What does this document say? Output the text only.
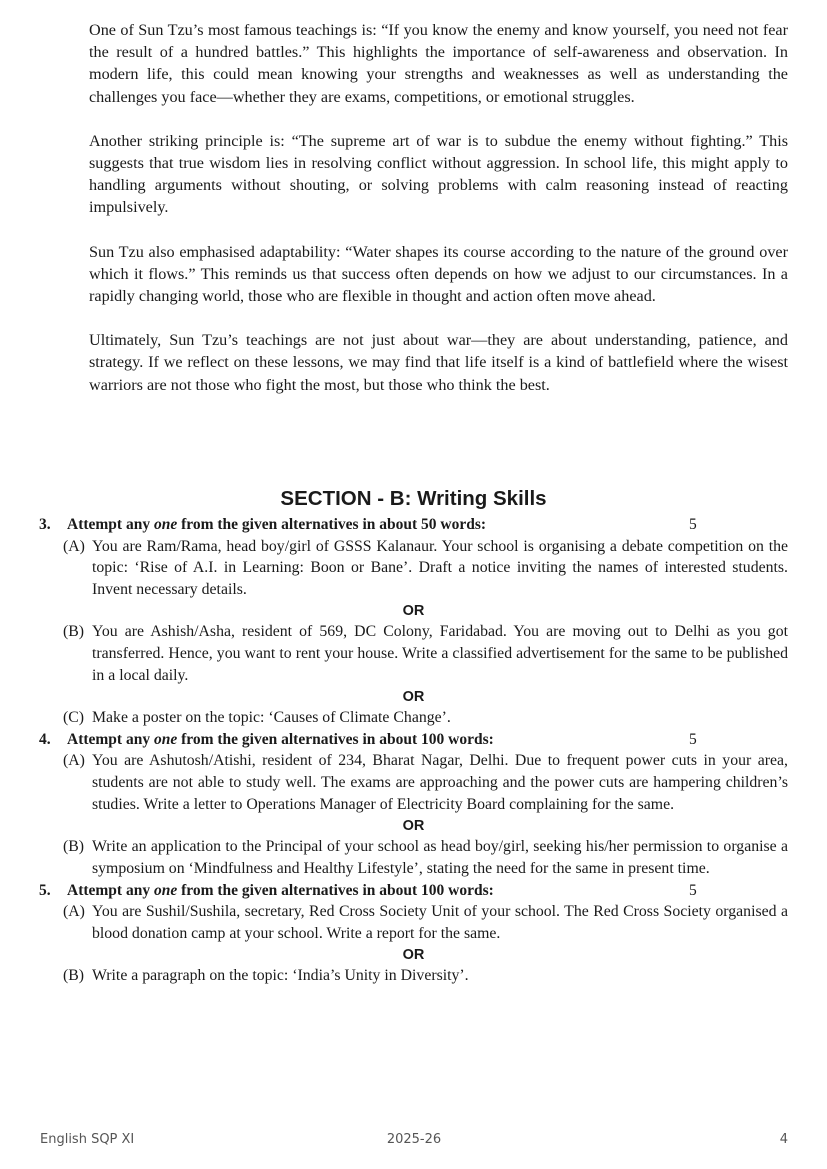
One of Sun Tzu’s most famous teachings is: “If you know the enemy and know yourself, you need not fear the result of a hundred battles.” This highlights the importance of self-awareness and observation. In modern life, this could mean knowing your strengths and weaknesses as well as understanding the challenges you face—whether they are exams, competitions, or emotional struggles.

Another striking principle is: “The supreme art of war is to subdue the enemy without fighting.” This suggests that true wisdom lies in resolving conflict without aggression. In school life, this might apply to handling arguments without shouting, or solving problems with calm reasoning instead of reacting impulsively.

Sun Tzu also emphasised adaptability: “Water shapes its course according to the nature of the ground over which it flows.” This reminds us that success often depends on how we adjust to our circumstances. In a rapidly changing world, those who are flexible in thought and action often move ahead.

Ultimately, Sun Tzu’s teachings are not just about war—they are about understanding, patience, and strategy. If we reflect on these lessons, we may find that life itself is a kind of battlefield where the wisest warriors are not those who fight the most, but those who think the best.

SECTION - B: Writing Skills
3. Attempt any one from the given alternatives in about 50 words:	5
(A) You are Ram/Rama, head boy/girl of GSSS Kalanaur. Your school is organising a debate competition on the topic: ‘Rise of A.I. in Learning: Boon or Bane’. Draft a notice inviting the names of interested students. Invent necessary details.
OR
(B) You are Ashish/Asha, resident of 569, DC Colony, Faridabad. You are moving out to Delhi as you got transferred. Hence, you want to rent your house. Write a classified advertisement for the same to be published in a local daily.
OR
(C) Make a poster on the topic: ‘Causes of Climate Change’.
4. Attempt any one from the given alternatives in about 100 words:	5
(A) You are Ashutosh/Atishi, resident of 234, Bharat Nagar, Delhi. Due to frequent power cuts in your area, students are not able to study well. The exams are approaching and the power cuts are hampering children’s studies. Write a letter to Operations Manager of Electricity Board complaining for the same.
OR
(B) Write an application to the Principal of your school as head boy/girl, seeking his/her permission to organise a symposium on ‘Mindfulness and Healthy Lifestyle’, stating the need for the same in present time.
5. Attempt any one from the given alternatives in about 100 words:	5
(A) You are Sushil/Sushila, secretary, Red Cross Society Unit of your school. The Red Cross Society organised a blood donation camp at your school. Write a report for the same.
OR
(B) Write a paragraph on the topic: ‘India’s Unity in Diversity’.
English SQP XI	2025-26	4
